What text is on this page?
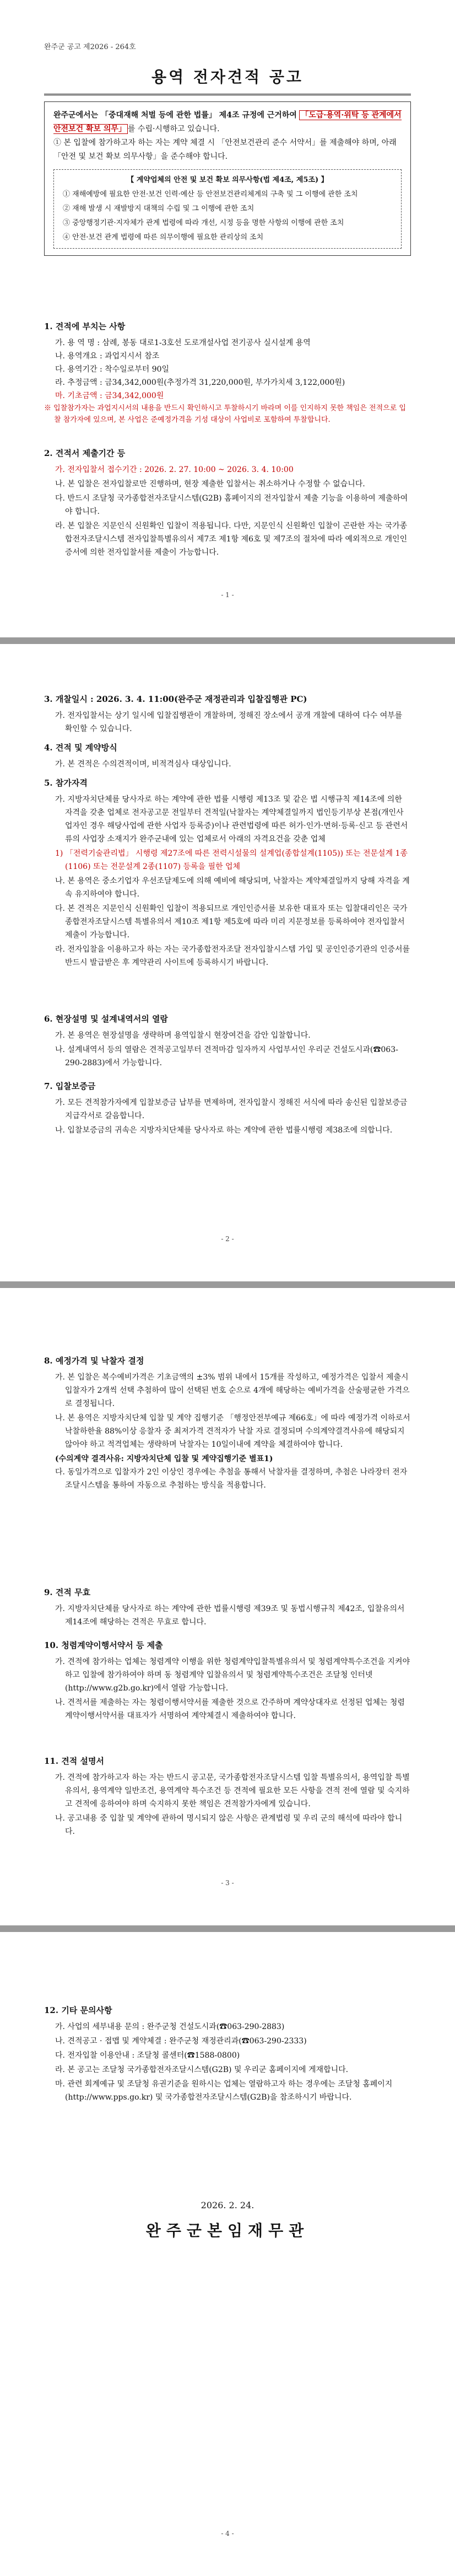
완주군 공고 제2026 - 264호
용역 전자견적 공고
완주군에서는 「중대재해 처벌 등에 관한 법률」 제4조 규정에 근거하여 「도급·용역·위탁 등 관계에서 안전보건 확보 의무」 를 수립·시행하고 있습니다.
① 본 입찰에 참가하고자 하는 자는 계약 체결 시 「안전보건관리 준수 서약서」를 제출해야 하며, 아래 「안전 및 보건 확보 의무사항」을 준수해야 합니다.
【 계약업체의 안전 및 보건 확보 의무사항(법 제4조, 제5조) 】
① 재해예방에 필요한 안전·보건 인력·예산 등 안전보건관리체계의 구축 및 그 이행에 관한 조치
② 재해 발생 시 재발방지 대책의 수립 및 그 이행에 관한 조치
③ 중앙행정기관·지자체가 관계 법령에 따라 개선, 시정 등을 명한 사항의 이행에 관한 조치
④ 안전·보건 관계 법령에 따른 의무이행에 필요한 관리상의 조치
1. 견적에 부치는 사항
가. 용 역 명 : 삼례, 봉동 대로1-3호선 도로개설사업 전기공사 실시설계 용역
나. 용역개요 : 과업지시서 참조
다. 용역기간 : 착수일로부터 90일
라. 추정금액 : 금34,342,000원(추정가격 31,220,000원, 부가가치세 3,122,000원)
마. 기초금액 : 금34,342,000원
※ 입찰참가자는 과업지시서의 내용을 반드시 확인하시고 투찰하시기 바라며 이를 인지하지 못한 책임은 전적으로 입찰 참가자에 있으며, 본 사업은 준예정가격을 기성 대상이 사업비로 포함하여 투찰합니다.
2. 견적서 제출기간 등
가. 전자입찰서 접수기간 : 2026. 2. 27. 10:00 ~ 2026. 3. 4. 10:00
나. 본 입찰은 전자입찰로만 진행하며, 현장 제출한 입찰서는 취소하거나 수정할 수 없습니다.
다. 반드시 조달청 국가종합전자조달시스템(G2B) 홈페이지의 전자입찰서 제출 기능을 이용하여 제출하여야 합니다.
라. 본 입찰은 지문인식 신원확인 입찰이 적용됩니다. 다만, 지문인식 신원확인 입찰이 곤란한 자는 국가종합전자조달시스템 전자입찰특별유의서 제7조 제1항 제6호 및 제7조의 절차에 따라 예외적으로 개인인증서에 의한 전자입찰서를 제출이 가능합니다.
- 1 -
3. 개찰일시 : 2026. 3. 4. 11:00(완주군 재정관리과 입찰집행관 PC)
가. 전자입찰서는 상기 일시에 입찰집행관이 개찰하며, 정해진 장소에서 공개 개찰에 대하여 다수 여부를 확인할 수 있습니다.
4. 견적 및 계약방식
가. 본 견적은 수의견적이며, 비적격심사 대상입니다.
5. 참가자격
가. 지방자치단체를 당사자로 하는 계약에 관한 법률 시행령 제13조 및 같은 법 시행규칙 제14조에 의한 자격을 갖춘 업체로 전자공고문 전일부터 견적일(낙찰자는 계약체결일까지 법인등기부상 본점(개인사업자인 경우 해당사업에 관한 사업자 등록증)이나 관련법령에 따른 허가·인가·면허·등록·신고 등 관련서류의 사업장 소재지가 완주군내에 있는 업체로서 아래의 자격요건을 갖춘 업체
1) 「전력기술관리법」 시행령 제27조에 따른 전력시설물의 설계업(종합설계(1105)) 또는 전문설계 1종(1106) 또는 전문설계 2종(1107) 등록을 필한 업체
나. 본 용역은 중소기업자 우선조달제도에 의해 예비에 해당되며, 낙찰자는 계약체결일까지 당해 자격을 계속 유지하여야 합니다.
다. 본 견적은 지문인식 신원확인 입찰이 적용되므로 개인인증서를 보유한 대표자 또는 입찰대리인은 국가종합전자조달시스템 특별유의서 제10조 제1항 제5호에 따라 미리 지문정보를 등록하여야 전자입찰서 제출이 가능합니다.
라. 전자입찰을 이용하고자 하는 자는 국가종합전자조달 전자입찰시스템 가입 및 공인인증기관의 인증서를 반드시 발급받은 후 계약관리 사이트에 등록하시기 바랍니다.
6. 현장설명 및 설계내역서의 열람
가. 본 용역은 현장설명을 생략하며 용역입찰시 현장여건을 감안 입찰합니다.
나. 설계내역서 등의 열람은 견적공고일부터 견적마감 일자까지 사업부서인 우리군 건설도시과(☎063-290-2883)에서 가능합니다.
7. 입찰보증금
가. 모든 견적참가자에게 입찰보증금 납부를 면제하며, 전자입찰시 정해진 서식에 따라 송신된 입찰보증금 지급각서로 갈음합니다.
나. 입찰보증금의 귀속은 지방자치단체를 당사자로 하는 계약에 관한 법률시행령 제38조에 의합니다.
- 2 -
8. 예정가격 및 낙찰자 결정
가. 본 입찰은 복수예비가격은 기초금액의 ±3% 범위 내에서 15개를 작성하고, 예정가격은 입찰서 제출시 입찰자가 2개씩 선택 추첨하여 많이 선택된 번호 순으로 4개에 해당하는 예비가격을 산술평균한 가격으로 결정됩니다.
나. 본 용역은 지방자치단체 입찰 및 계약 집행기준 「행정안전부예규 제66호」에 따라 예정가격 이하로서 낙찰하한율 88%이상 응찰자 중 최저가격 견적자가 낙찰 자로 결정되며 수의계약결격사유에 해당되지 않아야 하고 적격업체는 생략하며 낙찰자는 10일이내에 계약을 체결하여야 합니다.
(수의계약 결격사유: 지방자치단체 입찰 및 계약집행기준 별표1)
다. 동일가격으로 입찰자가 2인 이상인 경우에는 추첨을 통해서 낙찰자를 결정하며, 추첨은 나라장터 전자조달시스템을 통하여 자동으로 추첨하는 방식을 적용합니다.
9. 견적 무효
가. 지방자치단체를 당사자로 하는 계약에 관한 법률시행령 제39조 및 동법시행규칙 제42조, 입찰유의서 제14조에 해당하는 견적은 무효로 합니다.
10. 청렴계약이행서약서 등 제출
가. 견적에 참가하는 업체는 청렴계약 이행을 위한 청렴계약입찰특별유의서 및 청렴계약특수조건을 지켜야 하고 입찰에 참가하여야 하며 동 청렴계약 입찰유의서 및 청렴계약특수조건은 조달청 인터넷(http://www.g2b.go.kr)에서 열람 가능합니다.
나. 견적서를 제출하는 자는 청렴이행서약서를 제출한 것으로 간주하며 계약상대자로 선정된 업체는 청렴계약이행서약서를 대표자가 서명하여 계약체결시 제출하여야 합니다.
11. 견적 설명서
가. 견적에 참가하고자 하는 자는 반드시 공고문, 국가종합전자조달시스템 입찰 특별유의서, 용역입찰 특별유의서, 용역계약 일반조건, 용역계약 특수조건 등 견적에 필요한 모든 사항을 견적 전에 열람 및 숙지하고 견적에 응하여야 하며 숙지하지 못한 책임은 견적참가자에게 있습니다.
나. 공고내용 중 입찰 및 계약에 관하여 명시되지 않은 사항은 관계법령 및 우리 군의 해석에 따라야 합니다.
- 3 -
12. 기타 문의사항
가. 사업의 세부내용 문의 : 완주군청 건설도시과(☎063-290-2883)
나. 견적공고 · 접맵 및 계약체결 : 완주군청 재정관리과(☎063-290-2333)
다. 전자입찰 이용안내 : 조달청 콜센터(☎1588-0800)
라. 본 공고는 조달청 국가종합전자조달시스템(G2B) 및 우리군 홈페이지에 게재합니다.
마. 관련 회계예규 및 조달청 유권기준을 원하시는 업체는 열람하고자 하는 경우에는 조달청 홈페이지(http://www.pps.go.kr) 및 국가종합전자조달시스템(G2B)을 참조하시기 바랍니다.
2026. 2. 24.
완주군본임재무관
- 4 -
